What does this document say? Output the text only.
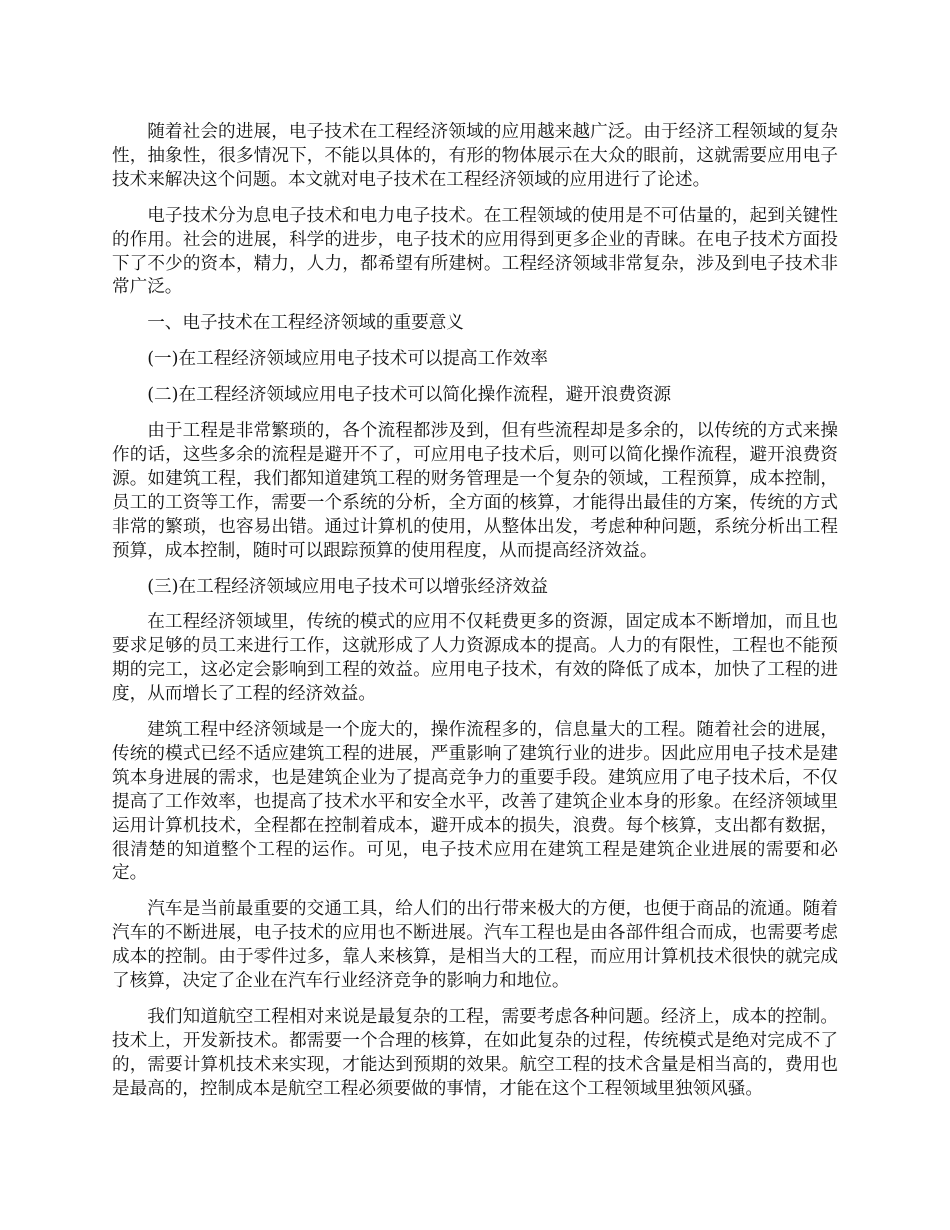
随着社会的进展，电子技术在工程经济领域的应用越来越广泛。由于经济工程领域的复杂性，抽象性，很多情况下，不能以具体的，有形的物体展示在大众的眼前，这就需要应用电子技术来解决这个问题。本文就对电子技术在工程经济领域的应用进行了论述。

电子技术分为息电子技术和电力电子技术。在工程领域的使用是不可估量的，起到关键性的作用。社会的进展，科学的进步，电子技术的应用得到更多企业的青睐。在电子技术方面投下了不少的资本，精力，人力，都希望有所建树。工程经济领域非常复杂，涉及到电子技术非常广泛。

一、电子技术在工程经济领域的重要意义

(一)在工程经济领域应用电子技术可以提高工作效率

(二)在工程经济领域应用电子技术可以简化操作流程，避开浪费资源

由于工程是非常繁琐的，各个流程都涉及到，但有些流程却是多余的，以传统的方式来操作的话，这些多余的流程是避开不了，可应用电子技术后，则可以简化操作流程，避开浪费资源。如建筑工程，我们都知道建筑工程的财务管理是一个复杂的领域，工程预算，成本控制，员工的工资等工作，需要一个系统的分析，全方面的核算，才能得出最佳的方案，传统的方式非常的繁琐，也容易出错。通过计算机的使用，从整体出发，考虑种种问题，系统分析出工程预算，成本控制，随时可以跟踪预算的使用程度，从而提高经济效益。

(三)在工程经济领域应用电子技术可以增张经济效益

在工程经济领域里，传统的模式的应用不仅耗费更多的资源，固定成本不断增加，而且也要求足够的员工来进行工作，这就形成了人力资源成本的提高。人力的有限性，工程也不能预期的完工，这必定会影响到工程的效益。应用电子技术，有效的降低了成本，加快了工程的进度，从而增长了工程的经济效益。

建筑工程中经济领域是一个庞大的，操作流程多的，信息量大的工程。随着社会的进展，传统的模式已经不适应建筑工程的进展，严重影响了建筑行业的进步。因此应用电子技术是建筑本身进展的需求，也是建筑企业为了提高竞争力的重要手段。建筑应用了电子技术后，不仅提高了工作效率，也提高了技术水平和安全水平，改善了建筑企业本身的形象。在经济领域里运用计算机技术，全程都在控制着成本，避开成本的损失，浪费。每个核算，支出都有数据，很清楚的知道整个工程的运作。可见，电子技术应用在建筑工程是建筑企业进展的需要和必定。

汽车是当前最重要的交通工具，给人们的出行带来极大的方便，也便于商品的流通。随着汽车的不断进展，电子技术的应用也不断进展。汽车工程也是由各部件组合而成，也需要考虑成本的控制。由于零件过多，靠人来核算，是相当大的工程，而应用计算机技术很快的就完成了核算，决定了企业在汽车行业经济竞争的影响力和地位。

我们知道航空工程相对来说是最复杂的工程，需要考虑各种问题。经济上，成本的控制。技术上，开发新技术。都需要一个合理的核算，在如此复杂的过程，传统模式是绝对完成不了的，需要计算机技术来实现，才能达到预期的效果。航空工程的技术含量是相当高的，费用也是最高的，控制成本是航空工程必须要做的事情，才能在这个工程领域里独领风骚。
